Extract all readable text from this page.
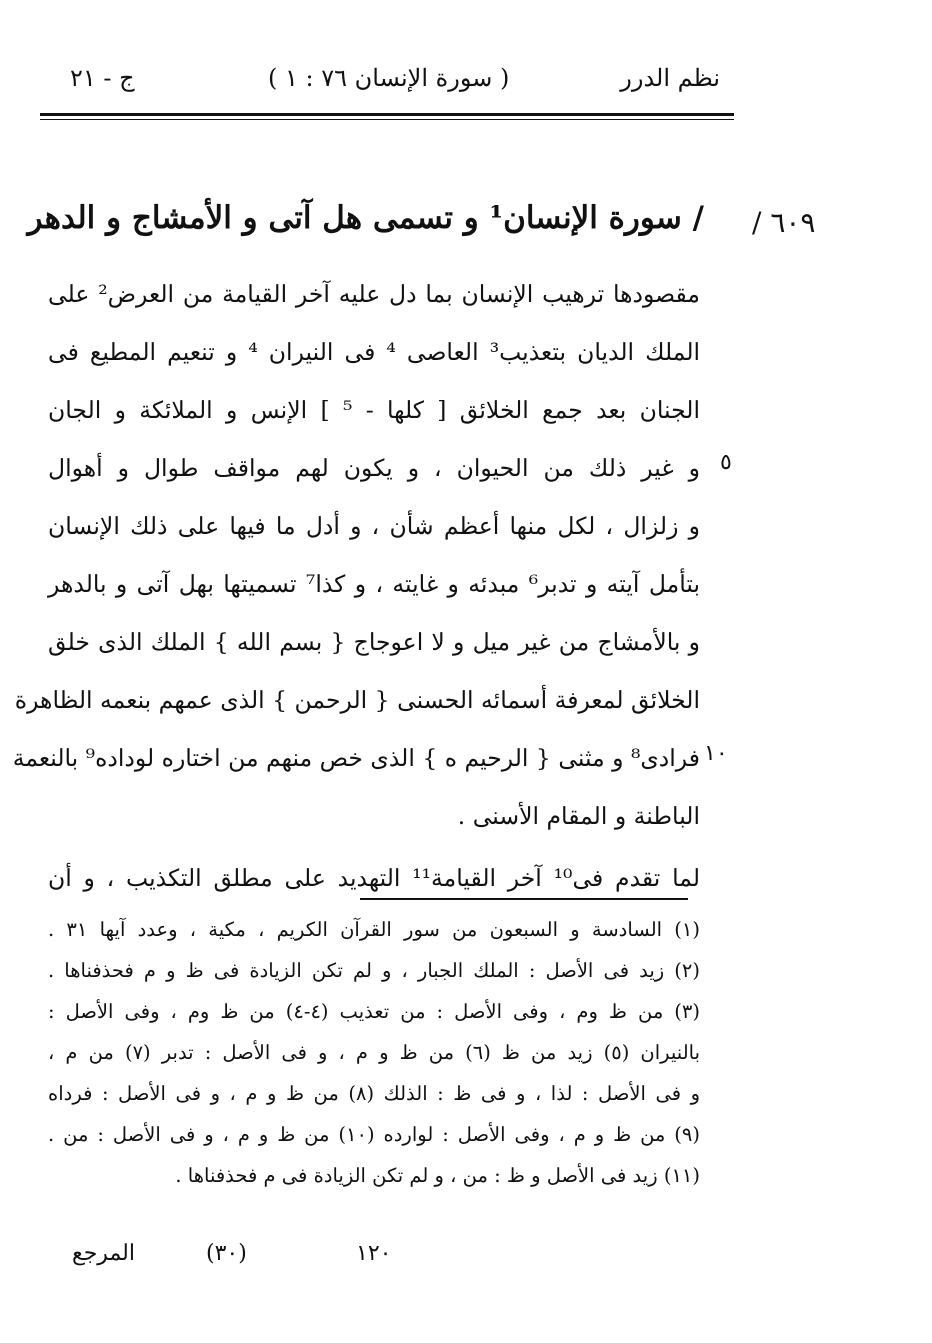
نظم الدرر
( سورة الإنسان ٧٦ : ١ )
ج - ٢١
/ ٦٠٩
/ سورة الإنسان¹ و تسمى هل آتى و الأمشاج و الدهر
٥
١٠
مقصودها ترهيب الإنسان بما دل عليه آخر القيامة من العرض² على
الملك الديان بتعذيب³ العاصى ⁴ فى النيران ⁴ و تنعيم المطيع فى
الجنان بعد جمع الخلائق [ كلها - ⁵ ] الإنس و الملائكة و الجان
و غير ذلك من الحيوان ، و يكون لهم مواقف طوال و أهوال
و زلزال ، لكل منها أعظم شأن ، و أدل ما فيها على ذلك الإنسان
بتأمل آيته و تدبر⁶ مبدئه و غايته ، و كذا⁷ تسميتها بهل آتى و بالدهر
و بالأمشاج من غير ميل و لا اعوجاج { بسم الله } الملك الذى خلق
الخلائق لمعرفة أسمائه الحسنى { الرحمن } الذى عمهم بنعمه الظاهرة
فرادى⁸ و مثنى { الرحيم ه } الذى خص منهم من اختاره لوداده⁹ بالنعمة
الباطنة و المقام الأسنى .
لما تقدم فى¹⁰ آخر القيامة¹¹ التهديد على مطلق التكذيب ، و أن
(١) السادسة و السبعون من سور القرآن الكريم ، مكية ، وعدد آيها ٣١ .
(٢) زيد فى الأصل : الملك الجبار ، و لم تكن الزيادة فى ظ و م فحذفناها .
(٣) من ظ وم ، وفى الأصل : من تعذيب (٤-٤) من ظ وم ، وفى الأصل :
بالنيران (٥) زيد من ظ (٦) من ظ و م ، و فى الأصل : تدبر (٧) من م ،
و فى الأصل : لذا ، و فى ظ : الذلك (٨) من ظ و م ، و فى الأصل : فرداه
(٩) من ظ و م ، وفى الأصل : لوارده (١٠) من ظ و م ، و فى الأصل : من .
(١١) زيد فى الأصل و ظ : من ، و لم تكن الزيادة فى م فحذفناها .
المرجع	(٣٠)	١٢٠
